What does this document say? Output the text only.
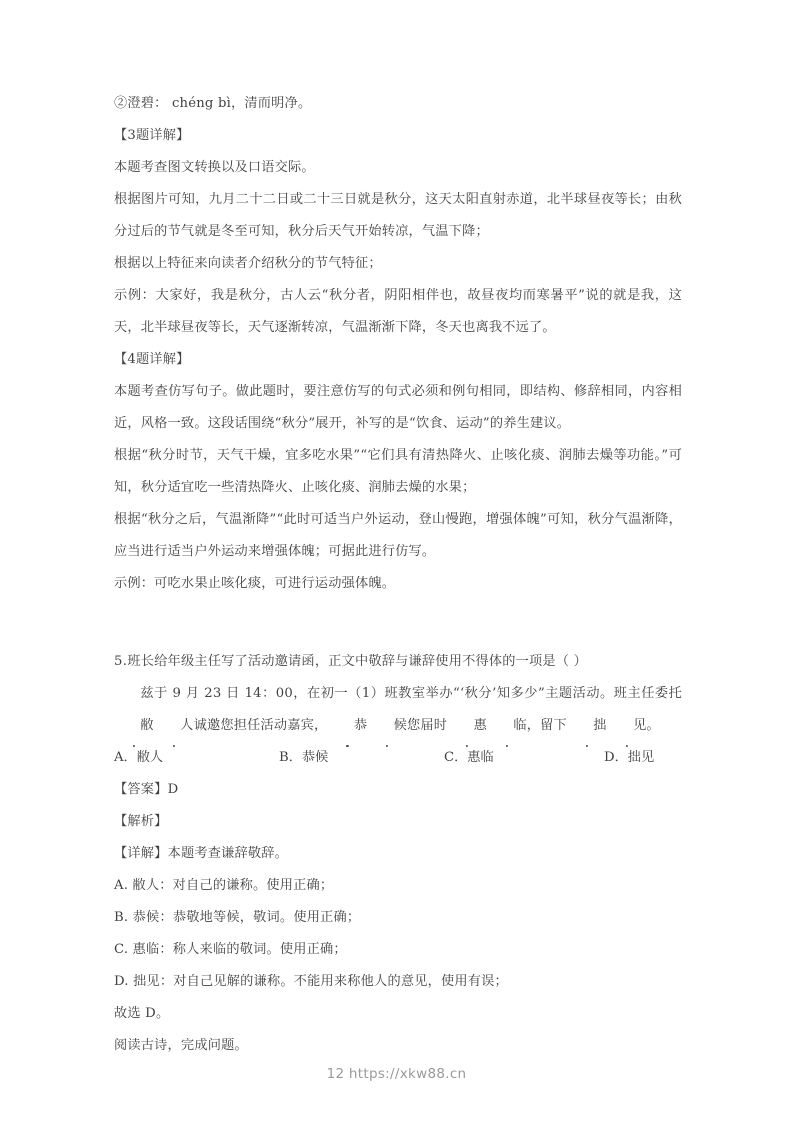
②澄碧： chéng bì，清而明净。
【3题详解】
本题考查图文转换以及口语交际。
根据图片可知，九月二十二日或二十三日就是秋分，这天太阳直射赤道，北半球昼夜等长；由秋分过后的节气就是冬至可知，秋分后天气开始转凉，气温下降；
根据以上特征来向读者介绍秋分的节气特征；
示例：大家好，我是秋分，古人云“秋分者，阴阳相伴也，故昼夜均而寒暑平”说的就是我，这天，北半球昼夜等长，天气逐渐转凉，气温渐渐下降，冬天也离我不远了。
【4题详解】
本题考查仿写句子。做此题时，要注意仿写的句式必须和例句相同，即结构、修辞相同，内容相近，风格一致。这段话围绕“秋分”展开，补写的是“饮食、运动”的养生建议。
根据“秋分时节，天气干燥，宜多吃水果”“它们具有清热降火、止咳化痰、润肺去燥等功能。”可知，秋分适宜吃一些清热降火、止咳化痰、润肺去燥的水果；
根据“秋分之后，气温渐降”“此时可适当户外运动，登山慢跑，增强体魄”可知，秋分气温渐降，应当进行适当户外运动来增强体魄；可据此进行仿写。
示例：可吃水果止咳化痰，可进行运动强体魄。
5.班长给年级主任写了活动邀请函，正文中敬辞与谦辞使用不得体的一项是（ ）
兹于 9 月 23 日 14：00，在初一（1）班教室举办“‘秋分’知多少”主题活动。班主任委托敝 人诚邀您担任活动嘉宾， 恭 候您届时 惠 临，留下 拙 见。
A．敝人	B．恭候	C．惠临	D．拙见
【答案】D
【解析】
【详解】本题考查谦辞敬辞。
A. 敝人：对自己的谦称。使用正确；
B. 恭候：恭敬地等候，敬词。使用正确；
C. 惠临：称人来临的敬词。使用正确；
D. 拙见：对自己见解的谦称。不能用来称他人的意见，使用有误；
故选 D。
阅读古诗，完成问题。
12 https://xkw88.cn
